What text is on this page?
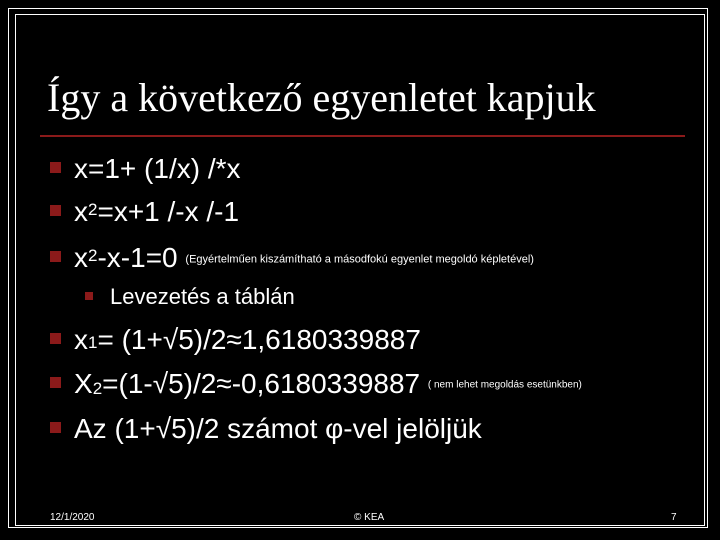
Így a következő egyenletet kapjuk
x=1+ (1/x) /*x
$x^2=x+1$ /-x /-1
$x^2-x-1=0$ (Egyértelműen kiszámítható a másodfokú egyenlet megoldó képletével)
Levezetés a táblán
$x_1= (1+√5)/2\approx 1,6180339887$
$X_2=(1-√5)/2\approx-0,6180339887$ ( nem lehet megoldás esetünkben)
Az (1+√5)/2 számot φ-vel jelöljük
12/1/2020	© KEA	7
